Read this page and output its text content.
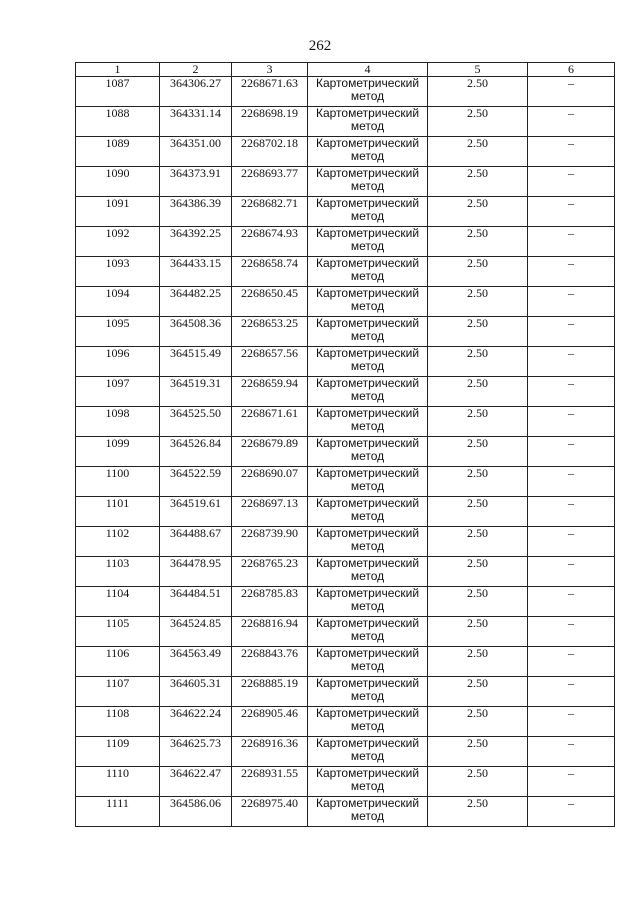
262
1	2	3	4	5	6
1087	364306.27	2268671.63	Картометрический
метод	2.50	–
1088	364331.14	2268698.19	Картометрический
метод	2.50	–
1089	364351.00	2268702.18	Картометрический
метод	2.50	–
1090	364373.91	2268693.77	Картометрический
метод	2.50	–
1091	364386.39	2268682.71	Картометрический
метод	2.50	–
1092	364392.25	2268674.93	Картометрический
метод	2.50	–
1093	364433.15	2268658.74	Картометрический
метод	2.50	–
1094	364482.25	2268650.45	Картометрический
метод	2.50	–
1095	364508.36	2268653.25	Картометрический
метод	2.50	–
1096	364515.49	2268657.56	Картометрический
метод	2.50	–
1097	364519.31	2268659.94	Картометрический
метод	2.50	–
1098	364525.50	2268671.61	Картометрический
метод	2.50	–
1099	364526.84	2268679.89	Картометрический
метод	2.50	–
1100	364522.59	2268690.07	Картометрический
метод	2.50	–
1101	364519.61	2268697.13	Картометрический
метод	2.50	–
1102	364488.67	2268739.90	Картометрический
метод	2.50	–
1103	364478.95	2268765.23	Картометрический
метод	2.50	–
1104	364484.51	2268785.83	Картометрический
метод	2.50	–
1105	364524.85	2268816.94	Картометрический
метод	2.50	–
1106	364563.49	2268843.76	Картометрический
метод	2.50	–
1107	364605.31	2268885.19	Картометрический
метод	2.50	–
1108	364622.24	2268905.46	Картометрический
метод	2.50	–
1109	364625.73	2268916.36	Картометрический
метод	2.50	–
1110	364622.47	2268931.55	Картометрический
метод	2.50	–
1111	364586.06	2268975.40	Картометрический
метод	2.50	–
